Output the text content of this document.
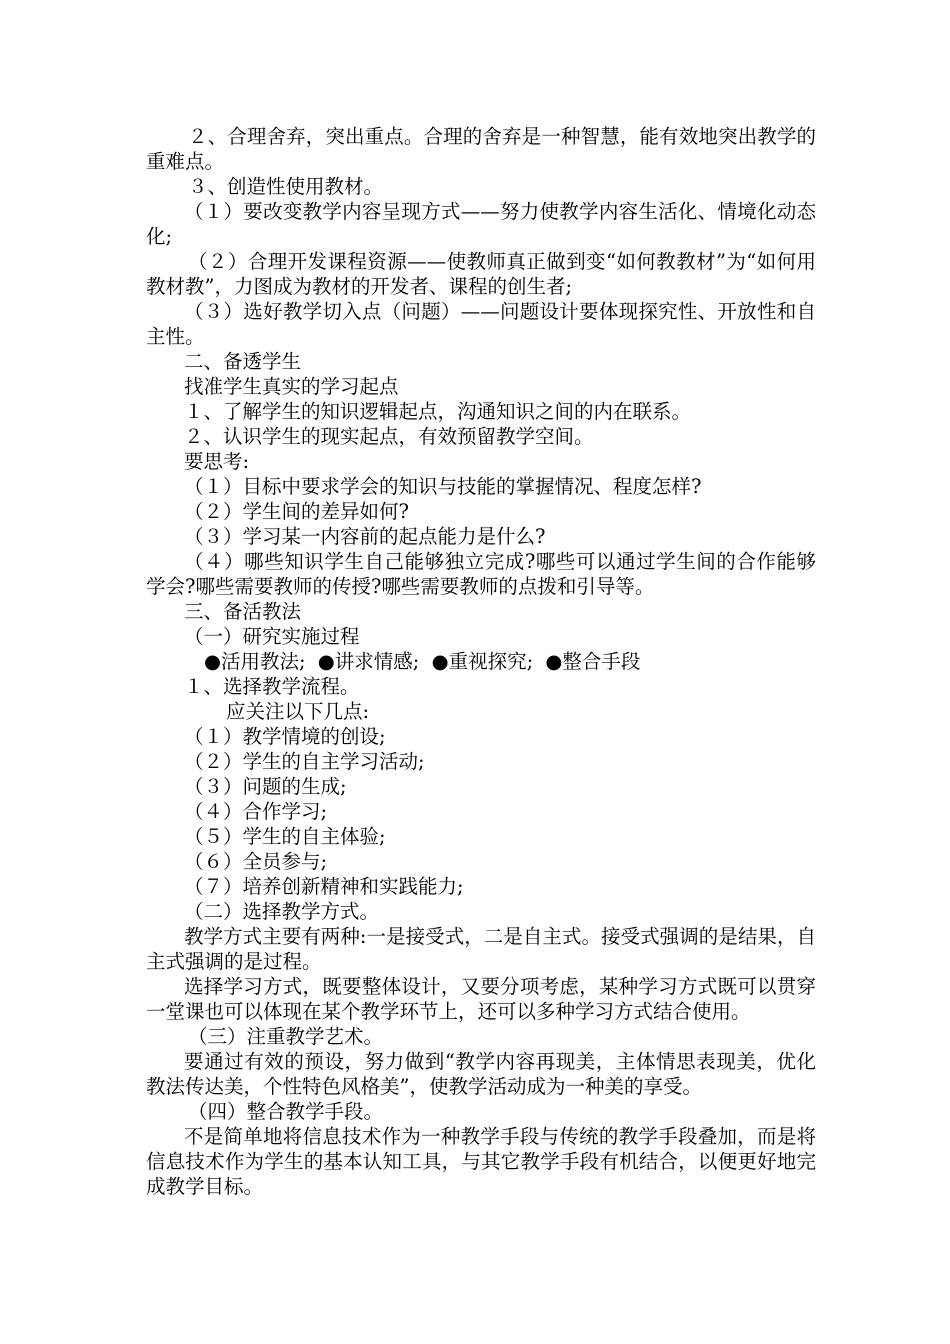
２、合理舍弃，突出重点。合理的舍弃是一种智慧，能有效地突出教学的重难点。

３、创造性使用教材。

（１）要改变教学内容呈现方式——努力使教学内容生活化、情境化动态化;

（２）合理开发课程资源——使教师真正做到变“如何教教材”为“如何用教材教”，力图成为教材的开发者、课程的创生者;

（３）选好教学切入点（问题）——问题设计要体现探究性、开放性和自主性。

二、备透学生

找准学生真实的学习起点

１、了解学生的知识逻辑起点，沟通知识之间的内在联系。

２、认识学生的现实起点，有效预留教学空间。

要思考:

（１）目标中要求学会的知识与技能的掌握情况、程度怎样?

（２）学生间的差异如何?

（３）学习某一内容前的起点能力是什么?

（４）哪些知识学生自己能够独立完成?哪些可以通过学生间的合作能够学会?哪些需要教师的传授?哪些需要教师的点拨和引导等。

三、备活教法

（一）研究实施过程

●活用教法; ●讲求情感; ●重视探究; ●整合手段

１、选择教学流程。

应关注以下几点:

（１）教学情境的创设;

（２）学生的自主学习活动;

（３）问题的生成;

（４）合作学习;

（５）学生的自主体验;

（６）全员参与;

（７）培养创新精神和实践能力;

（二）选择教学方式。

教学方式主要有两种:一是接受式，二是自主式。接受式强调的是结果，自主式强调的是过程。

选择学习方式，既要整体设计，又要分项考虑，某种学习方式既可以贯穿一堂课也可以体现在某个教学环节上，还可以多种学习方式结合使用。

（三）注重教学艺术。

要通过有效的预设，努力做到“教学内容再现美，主体情思表现美，优化教法传达美，个性特色风格美”，使教学活动成为一种美的享受。

（四）整合教学手段。

不是简单地将信息技术作为一种教学手段与传统的教学手段叠加，而是将信息技术作为学生的基本认知工具，与其它教学手段有机结合，以便更好地完成教学目标。
